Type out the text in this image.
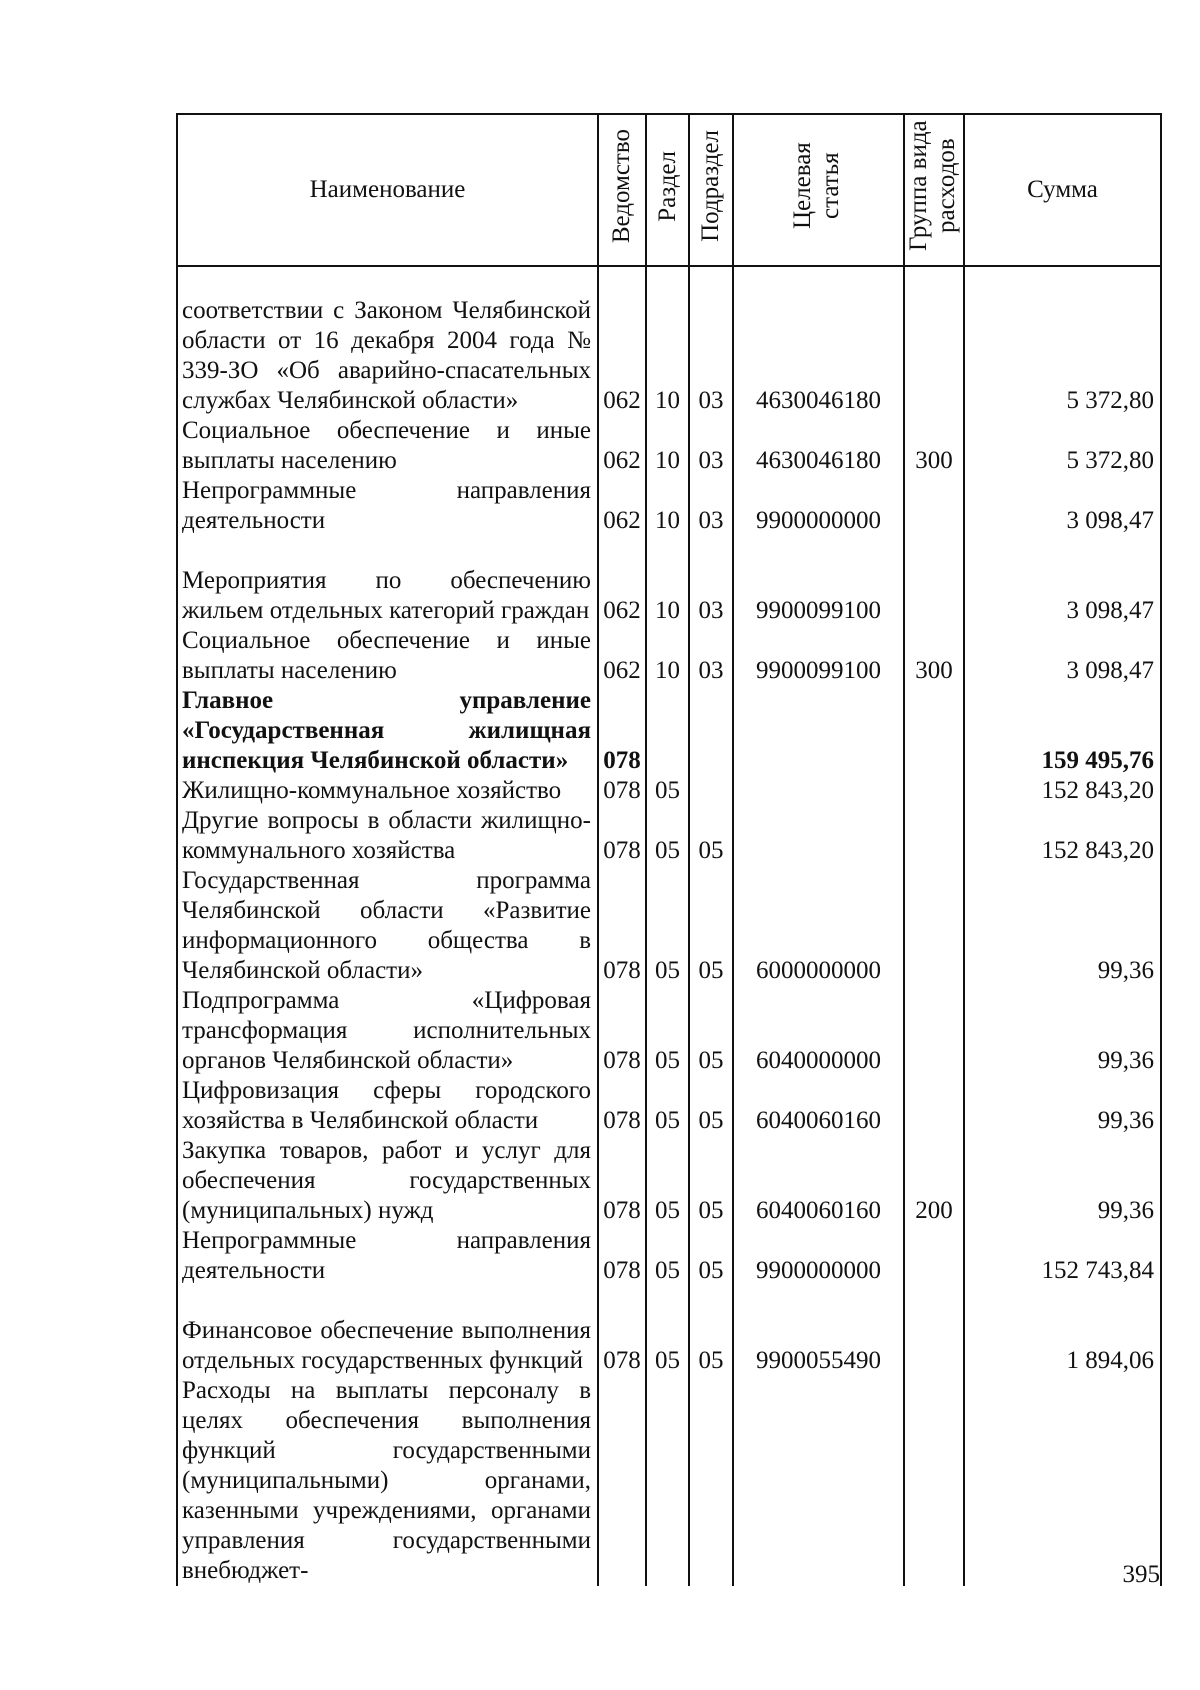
Наименование	Ведомство	Раздел	Подраздел	Целевая статья	Группа вида расходов	Сумма
соответствии с Законом Челябинской области от 16 декабря 2004 года № 339-ЗО «Об аварийно-спасательных службах Челябинской области»	062	10	03	4630046180		5 372,80
Социальное обеспечение и иные выплаты населению	062	10	03	4630046180	300	5 372,80
Непрограммные направления деятельности	062	10	03	9900000000		3 098,47
Мероприятия по обеспечению жильем отдельных категорий граждан	062	10	03	9900099100		3 098,47
Социальное обеспечение и иные выплаты населению	062	10	03	9900099100	300	3 098,47
Главное управление «Государственная жилищная инспекция Челябинской области»	078					159 495,76
Жилищно-коммунальное хозяйство	078	05				152 843,20
Другие вопросы в области жилищно-коммунального хозяйства	078	05	05			152 843,20
Государственная программа Челябинской области «Развитие информационного общества в Челябинской области»	078	05	05	6000000000		99,36
Подпрограмма «Цифровая трансформация исполнительных органов Челябинской области»	078	05	05	6040000000		99,36
Цифровизация сферы городского хозяйства в Челябинской области	078	05	05	6040060160		99,36
Закупка товаров, работ и услуг для обеспечения государственных (муниципальных) нужд	078	05	05	6040060160	200	99,36
Непрограммные направления деятельности	078	05	05	9900000000		152 743,84
Финансовое обеспечение выполнения отдельных государственных функций	078	05	05	9900055490		1 894,06
Расходы на выплаты персоналу в целях обеспечения выполнения функций государственными (муниципальными) органами, казенными учреждениями, органами управления государственными внебюджет-							395
